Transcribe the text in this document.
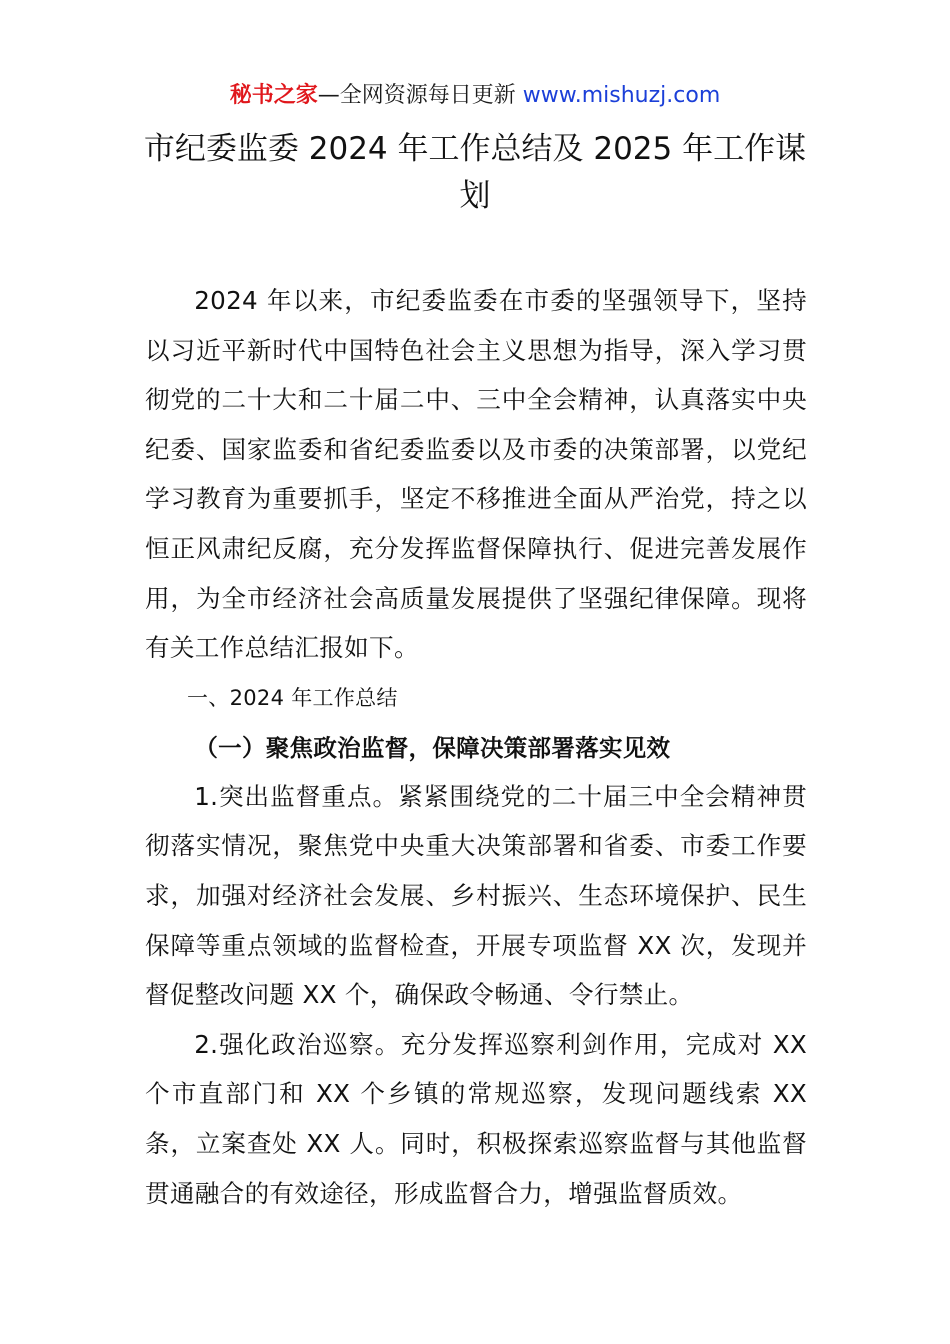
秘书之家—全网资源每日更新 www.mishuzj.com
市纪委监委 2024 年工作总结及 2025 年工作谋划

2024 年以来，市纪委监委在市委的坚强领导下，坚持以习近平新时代中国特色社会主义思想为指导，深入学习贯彻党的二十大和二十届二中、三中全会精神，认真落实中央纪委、国家监委和省纪委监委以及市委的决策部署，以党纪学习教育为重要抓手，坚定不移推进全面从严治党，持之以恒正风肃纪反腐，充分发挥监督保障执行、促进完善发展作用，为全市经济社会高质量发展提供了坚强纪律保障。现将有关工作总结汇报如下。

一、2024 年工作总结

（一）聚焦政治监督，保障决策部署落实见效

1.突出监督重点。紧紧围绕党的二十届三中全会精神贯彻落实情况，聚焦党中央重大决策部署和省委、市委工作要求，加强对经济社会发展、乡村振兴、生态环境保护、民生保障等重点领域的监督检查，开展专项监督 XX 次，发现并督促整改问题 XX 个，确保政令畅通、令行禁止。

2.强化政治巡察。充分发挥巡察利剑作用，完成对 XX 个市直部门和 XX 个乡镇的常规巡察，发现问题线索 XX 条，立案查处 XX 人。同时，积极探索巡察监督与其他监督贯通融合的有效途径，形成监督合力，增强监督质效。
